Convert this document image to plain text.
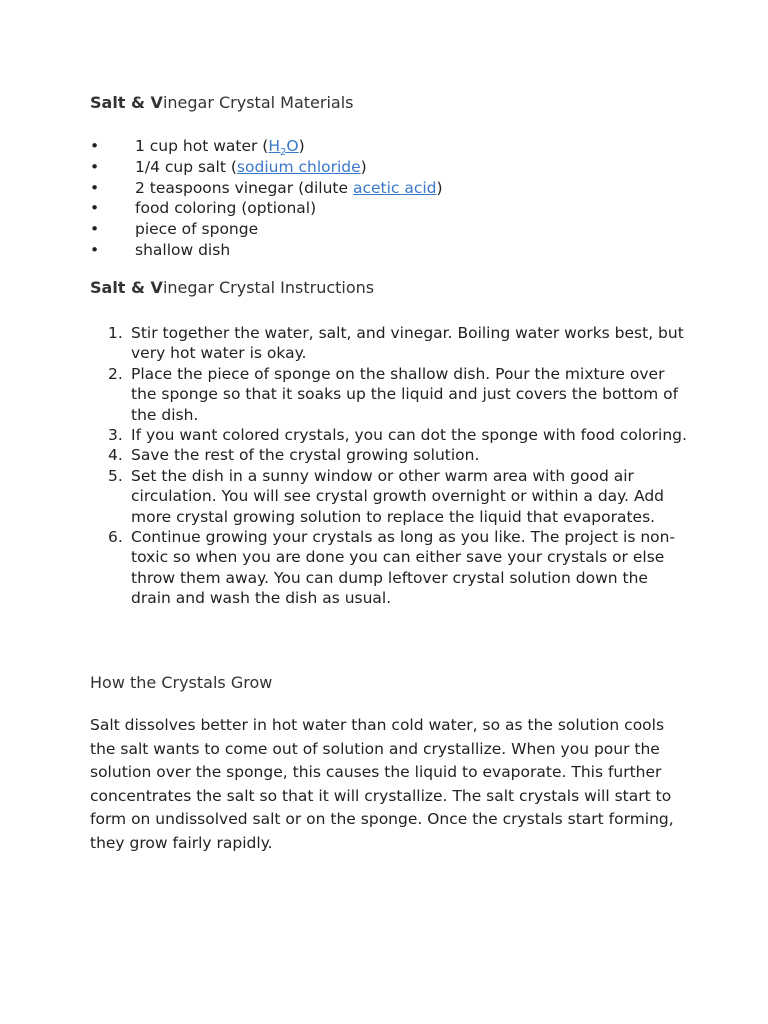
Salt & Vinegar Crystal Materials
• 1 cup hot water $(H_2O)$
• 1/4 cup salt (sodium chloride)
• 2 teaspoons vinegar (dilute acetic acid)
• food coloring (optional)
• piece of sponge
• shallow dish
Salt & Vinegar Crystal Instructions
1. Stir together the water, salt, and vinegar. Boiling water works best, but very hot water is okay.
2. Place the piece of sponge on the shallow dish. Pour the mixture over the sponge so that it soaks up the liquid and just covers the bottom of the dish.
3. If you want colored crystals, you can dot the sponge with food coloring.
4. Save the rest of the crystal growing solution.
5. Set the dish in a sunny window or other warm area with good air circulation. You will see crystal growth overnight or within a day. Add more crystal growing solution to replace the liquid that evaporates.
6. Continue growing your crystals as long as you like. The project is non-toxic so when you are done you can either save your crystals or else throw them away. You can dump leftover crystal solution down the drain and wash the dish as usual.
How the Crystals Grow

Salt dissolves better in hot water than cold water, so as the solution cools the salt wants to come out of solution and crystallize. When you pour the solution over the sponge, this causes the liquid to evaporate. This further concentrates the salt so that it will crystallize. The salt crystals will start to form on undissolved salt or on the sponge. Once the crystals start forming, they grow fairly rapidly.
